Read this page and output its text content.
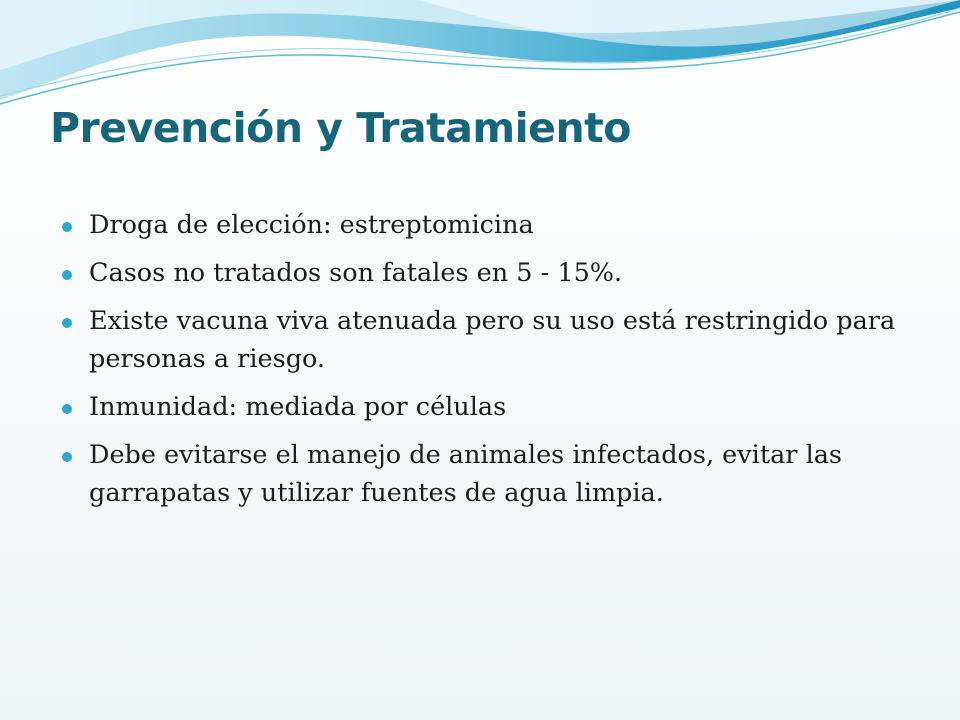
Prevención y Tratamiento
Droga de elección: estreptomicina
Casos no tratados son fatales en 5 - 15%.
Existe vacuna viva atenuada pero su uso está restringido para personas a riesgo.
Inmunidad: mediada por células
Debe evitarse el manejo de animales infectados, evitar las garrapatas y utilizar fuentes de agua limpia.
